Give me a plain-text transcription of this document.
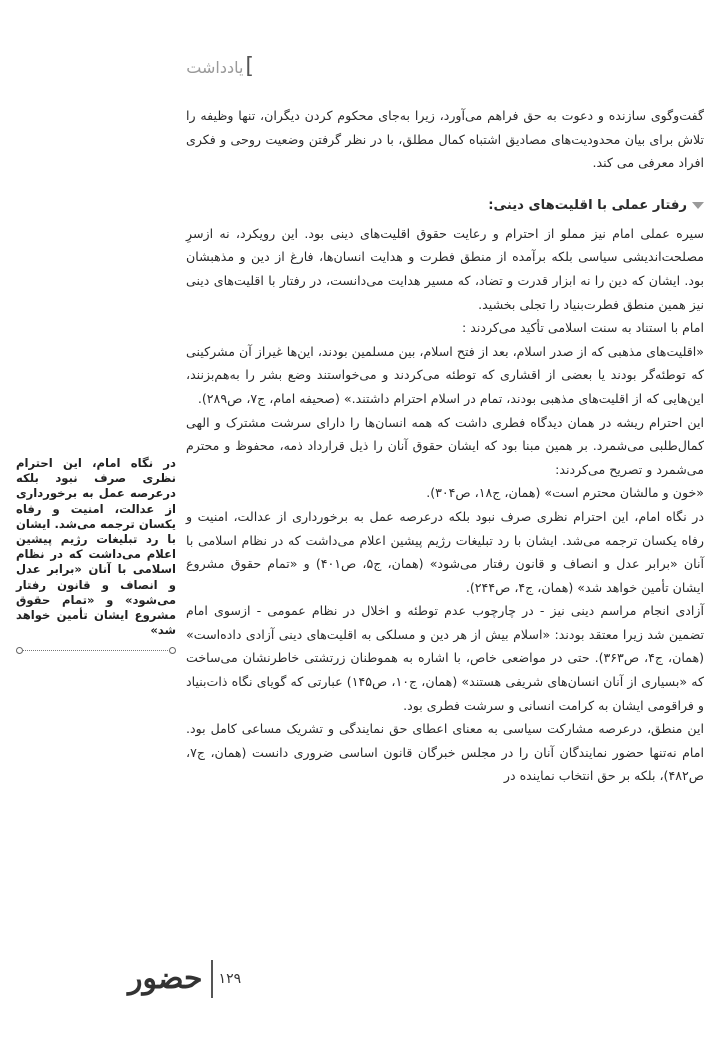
]
یادداشت

گفت‌وگوی سازنده و دعوت به حق فراهم می‌آورد، زیرا به‌جای محکوم کردن دیگران، تنها وظیفه را تلاش برای بیان محدودیت‌های مصادیق اشتباه کمال مطلق، با در نظر گرفتن وضعیت روحی و فکری افراد معرفی می کند.

رفتار عملی با اقلیت‌های دینی:

سیره عملی امام نیز مملو از احترام و رعایت حقوق اقلیت‌های دینی بود. این رویکرد، نه ازسرِ مصلحت‌اندیشی سیاسی بلکه برآمده از منطق فطرت و هدایت انسان‌ها، فارغ از دین و مذهبشان بود. ایشان که دین را نه ابزار قدرت و تضاد، که مسیر هدایت می‌دانست، در رفتار با اقلیت‌های دینی نیز همین منطق فطرت‌بنیاد را تجلی بخشید.

امام با استناد به سنت اسلامی تأکید می‌کردند :

«اقلیت‌های مذهبی که از صدر اسلام، بعد از فتح اسلام، بین مسلمین بودند، این‌ها غیراز آن مشرکینی که توطئه‌گر بودند یا بعضی از اقشاری که توطئه می‌کردند و می‌خواستند وضع بشر را به‌هم‌بزنند، این‌هایی که از اقلیت‌های مذهبی بودند، تمام در اسلام احترام داشتند.» (صحیفه امام، ج۷، ص۲۸۹).

این احترام ریشه در همان دیدگاه فطری داشت که همه انسان‌ها را دارای سرشت مشترک و الهی کمال‌طلبی می‌شمرد. بر همین مبنا بود که ایشان حقوق آنان را ذیل قرارداد ذمه، محفوظ و محترم می‌شمرد و تصریح می‌کردند:

«خون و مالشان محترم است» (همان، ج۱۸، ص۳۰۴).

در نگاه امام، این احترام نظری صرف نبود بلکه درعرصه عمل به برخورداری از عدالت، امنیت و رفاه یکسان ترجمه می‌شد. ایشان با رد تبلیغات رژیم پیشین اعلام می‌داشت که در نظام اسلامی با آنان «برابر عدل و انصاف و قانون رفتار می‌شود» (همان، ج۵، ص۴۰۱) و «تمام حقوق مشروع ایشان تأمین خواهد شد» (همان، ج۴، ص۲۴۴).

آزادی انجام مراسم دینی نیز - در چارچوب عدم توطئه و اخلال در نظام عمومی - ازسوی امام تضمین شد زیرا معتقد بودند: «اسلام بیش از هر دین و مسلکی به اقلیت‌های دینی آزادی داده‌است» (همان، ج۴، ص۳۶۳). حتی در مواضعی خاص، با اشاره به هموطنان زرتشتی خاطرنشان می‌ساخت که «بسیاری از آنان انسان‌های شریفی هستند» (همان، ج۱۰، ص۱۴۵) عبارتی که گویای نگاه ذات‌بنیاد و فراقومی ایشان به کرامت انسانی و سرشت فطری بود.

این منطق، درعرصه مشارکت سیاسی به معنای اعطای حق نمایندگی و تشریک مساعی کامل بود. امام نه‌تنها حضور نمایندگان آنان را در مجلس خبرگان قانون اساسی ضروری دانست (همان، ج۷، ص۴۸۲)، بلکه بر حق انتخاب نماینده در

در نگاه امام، این احترام نظری صرف نبود بلکه درعرصه عمل به برخورداری از عدالت، امنیت و رفاه یکسان ترجمه می‌شد. ایشان با رد تبلیغات رژیم پیشین اعلام می‌داشت که در نظام اسلامی با آنان «برابر عدل و انصاف و قانون رفتار می‌شود» و «تمام حقوق مشروع ایشان تأمین خواهد شد»

حضور ۱۲۹
